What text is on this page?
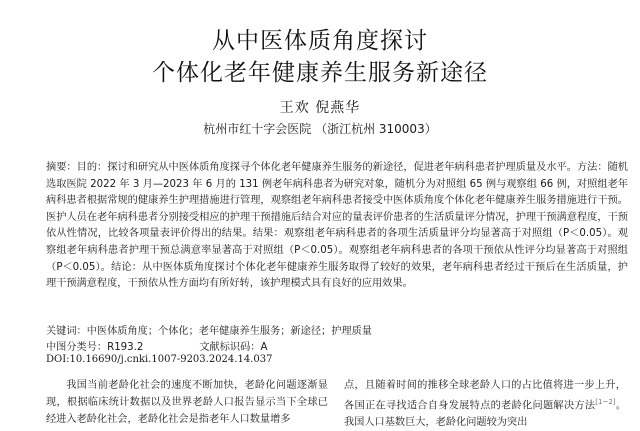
从中医体质角度探讨
个体化老年健康养生服务新途径
王欢 倪燕华
杭州市红十字会医院 （浙江杭州 310003）
摘要：目的：探讨和研究从中医体质角度探寻个体化老年健康养生服务的新途径，促进老年病科患者护理质量及水平。方法：随机选取医院 2022 年 3 月—2023 年 6 月的 131 例老年病科患者为研究对象，随机分为对照组 65 例与观察组 66 例，对照组老年病科患者根据常规的健康养生护理措施进行管理，观察组老年病科患者接受中医体质角度个体化老年健康养生服务措施进行干预。医护人员在老年病科患者分别接受相应的护理干预措施后结合对应的量表评价患者的生活质量评分情况，护理干预满意程度，干预依从性情况，比较各项量表评价得出的结果。结果：观察组老年病科患者的各项生活质量评分均显著高于对照组（P＜0.05）。观察组老年病科患者护理干预总满意率显著高于对照组（P＜0.05）。观察组老年病科患者的各项干预依从性评分均显著高于对照组（P＜0.05）。结论：从中医体质角度探讨个体化老年健康养生服务取得了较好的效果，老年病科患者经过干预后在生活质量，护理干预满意程度，干预依从性方面均有所好转，该护理模式具有良好的应用效果。
关键词：中医体质角度；个体化；老年健康养生服务；新途径；护理质量
中图分类号：R193.2	文献标识码：A
DOI:10.16690/j.cnki.1007-9203.2024.14.037
我国当前老龄化社会的速度不断加快，老龄化问题逐渐显现，根据临床统计数据以及世界老龄人口报告显示当下全球已经进入老龄化社会，老龄化社会是指老年人口数量增多
点，且随着时间的推移全球老龄人口的占比值将进一步上升，各国正在寻找适合自身发展特点的老龄化问题解决方法[1~2]。我国人口基数巨大，老龄化问题较为突出
